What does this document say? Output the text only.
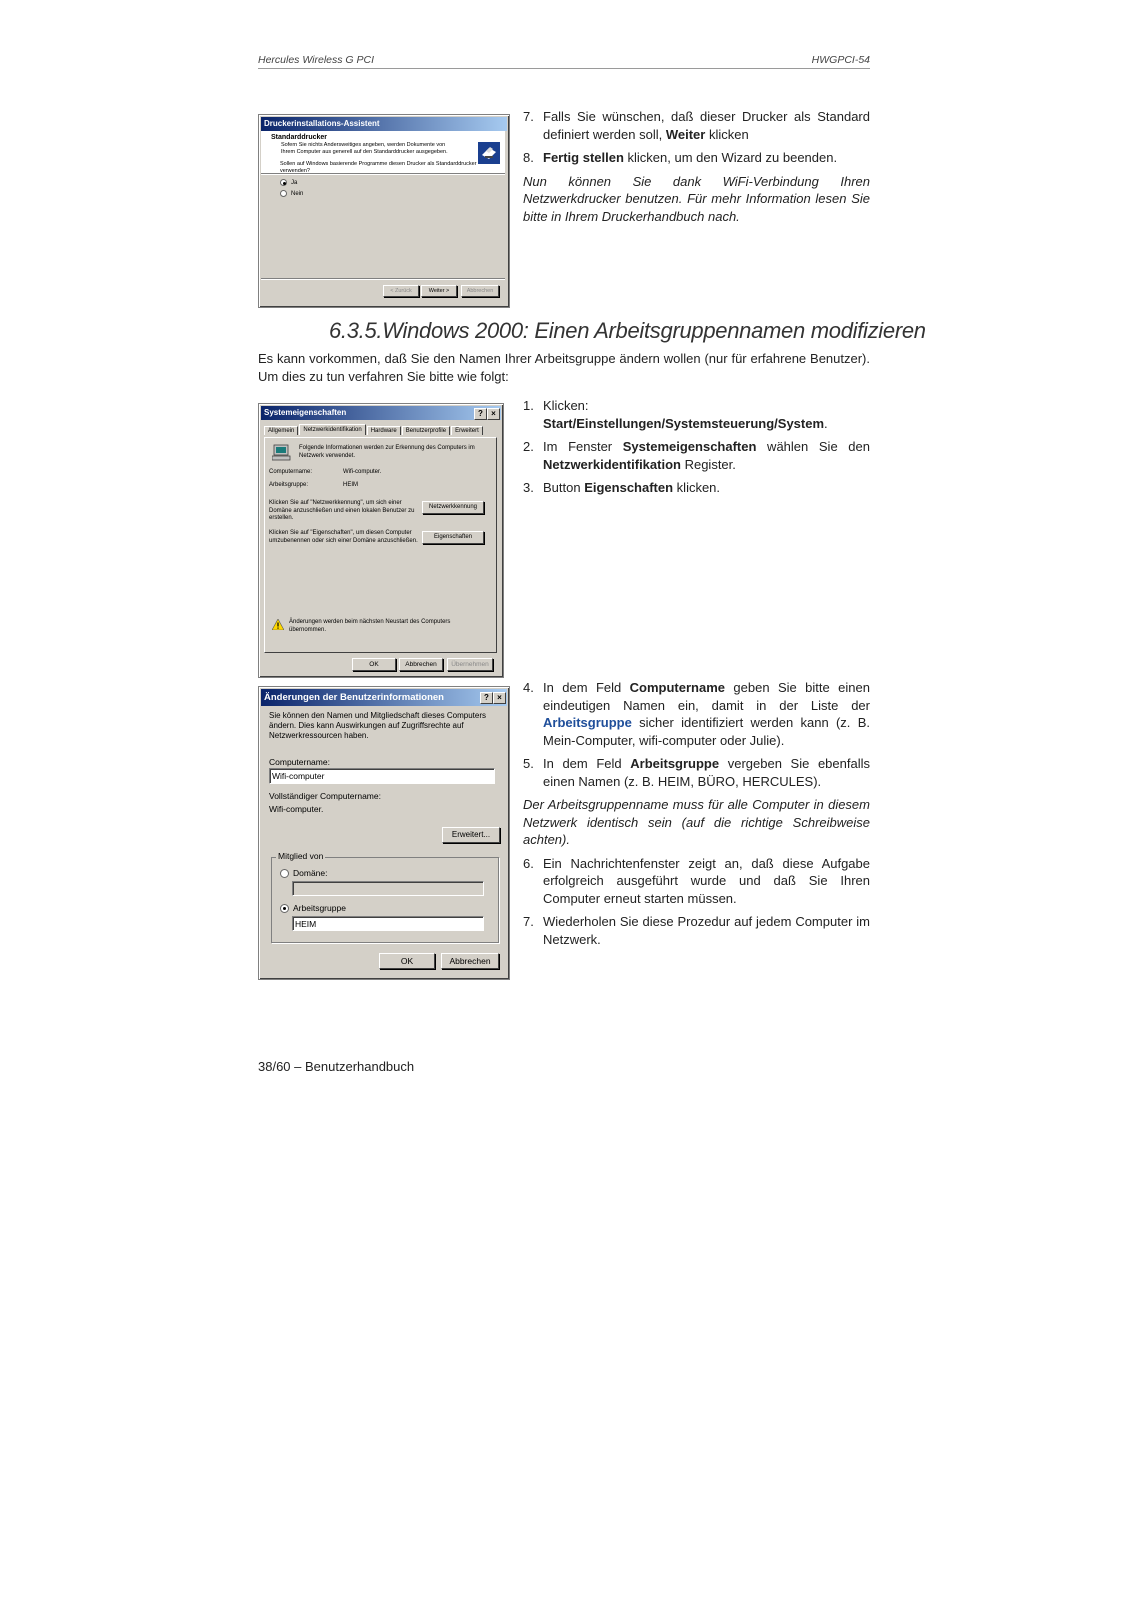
Hercules Wireless G PCI	HWGPCI-54
Druckerinstallations-Assistent
Standarddrucker
Sofern Sie nichts Andersweitiges angeben, werden Dokumente von Ihrem Computer aus generell auf den Standarddrucker ausgegeben.
Sollen auf Windows basierende Programme diesen Drucker als Standarddrucker verwenden?
Ja
Nein
< Zurück	Weiter >	Abbrechen
7. Falls Sie wünschen, daß dieser Drucker als Standard definiert werden soll, Weiter klicken
8. Fertig stellen klicken, um den Wizard zu beenden.
Nun können Sie dank WiFi-Verbindung Ihren Netzwerkdrucker benutzen. Für mehr Information lesen Sie bitte in Ihrem Druckerhandbuch nach.
6.3.5.Windows 2000: Einen Arbeitsgruppennamen modifizieren
Es kann vorkommen, daß Sie den Namen Ihrer Arbeitsgruppe ändern wollen (nur für erfahrene Benutzer). Um dies zu tun verfahren Sie bitte wie folgt:
Systemeigenschaften	?	×
Allgemein	Netzwerkidentifikation	Hardware	Benutzerprofile	Erweitert
Folgende Informationen werden zur Erkennung des Computers im Netzwerk verwendet.
Computername:	Wifi-computer.
Arbeitsgruppe:	HEIM
Klicken Sie auf "Netzwerkkennung", um sich einer Domäne anzuschließen und einen lokalen Benutzer zu erstellen.
Netzwerkkennung
Klicken Sie auf "Eigenschaften", um diesen Computer umzubenennen oder sich einer Domäne anzuschließen.
Eigenschaften
Änderungen werden beim nächsten Neustart des Computers übernommen.
OK	Abbrechen	Übernehmen
1. Klicken: Start/Einstellungen/Systemsteuerung/System.
2. Im Fenster Systemeigenschaften wählen Sie den Netzwerkidentifikation Register.
3. Button Eigenschaften klicken.
Änderungen der Benutzerinformationen	?	×
Sie können den Namen und Mitgliedschaft dieses Computers ändern. Dies kann Auswirkungen auf Zugriffsrechte auf Netzwerkressourcen haben.
Computername:
Wifi-computer
Vollständiger Computername:
Wifi-computer.
Erweitert...
Mitglied von
Domäne:
Arbeitsgruppe
HEIM
OK	Abbrechen
4. In dem Feld Computername geben Sie bitte einen eindeutigen Namen ein, damit in der Liste der Arbeitsgruppe sicher identifiziert werden kann (z. B. Mein-Computer, wifi-computer oder Julie).
5. In dem Feld Arbeitsgruppe vergeben Sie ebenfalls einen Namen (z. B. HEIM, BÜRO, HERCULES).
Der Arbeitsgruppenname muss für alle Computer in diesem Netzwerk identisch sein (auf die richtige Schreibweise achten).
6. Ein Nachrichtenfenster zeigt an, daß diese Aufgabe erfolgreich ausgeführt wurde und daß Sie Ihren Computer erneut starten müssen.
7. Wiederholen Sie diese Prozedur auf jedem Computer im Netzwerk.
38/60 – Benutzerhandbuch
